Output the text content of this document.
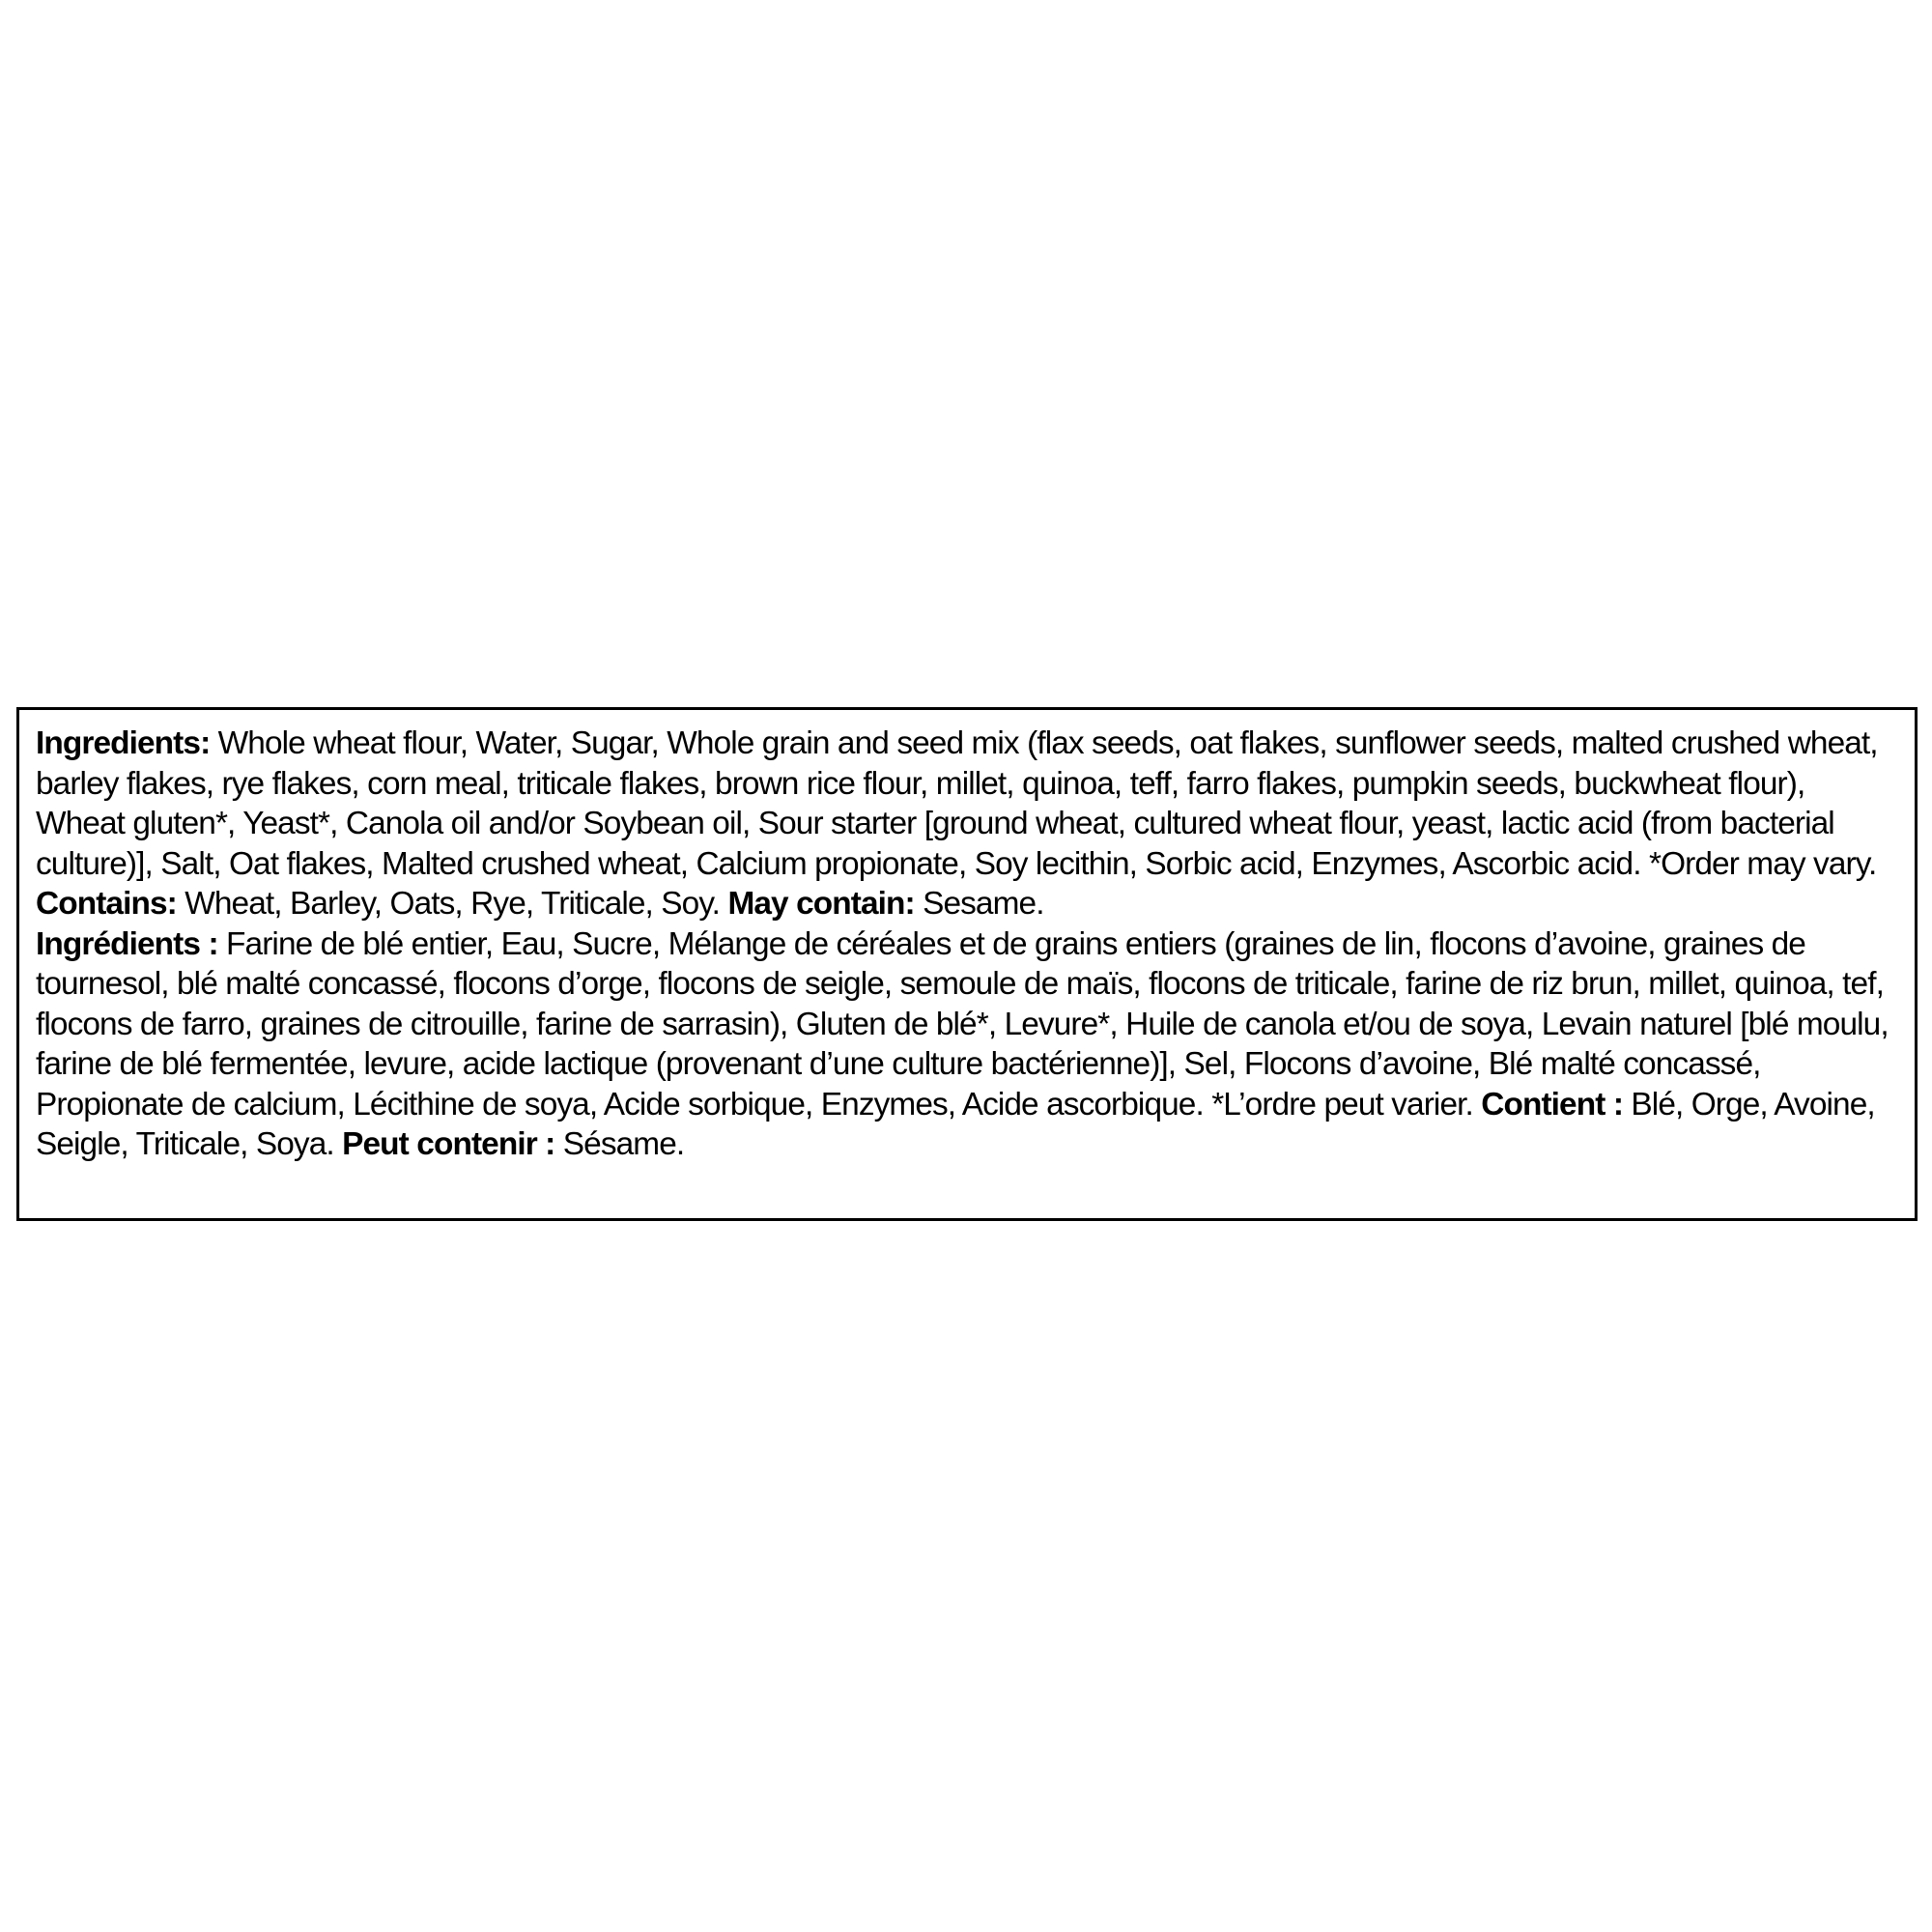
Ingredients: Whole wheat flour, Water, Sugar, Whole grain and seed mix (flax seeds, oat flakes, sunflower seeds, malted crushed wheat, barley flakes, rye flakes, corn meal, triticale flakes, brown rice flour, millet, quinoa, teff, farro flakes, pumpkin seeds, buckwheat flour), Wheat gluten*, Yeast*, Canola oil and/or Soybean oil, Sour starter [ground wheat, cultured wheat flour, yeast, lactic acid (from bacterial culture)], Salt, Oat flakes, Malted crushed wheat, Calcium propionate, Soy lecithin, Sorbic acid, Enzymes, Ascorbic acid. *Order may vary.

Contains: Wheat, Barley, Oats, Rye, Triticale, Soy. May contain: Sesame.

Ingrédients : Farine de blé entier, Eau, Sucre, Mélange de céréales et de grains entiers (graines de lin, flocons d’avoine, graines de tournesol, blé malté concassé, flocons d’orge, flocons de seigle, semoule de maïs, flocons de triticale, farine de riz brun, millet, quinoa, tef, flocons de farro, graines de citrouille, farine de sarrasin), Gluten de blé*, Levure*, Huile de canola et/ou de soya, Levain naturel [blé moulu, farine de blé fermentée, levure, acide lactique (provenant d’une culture bactérienne)], Sel, Flocons d’avoine, Blé malté concassé, Propionate de calcium, Lécithine de soya, Acide sorbique, Enzymes, Acide ascorbique. *L’ordre peut varier. Contient : Blé, Orge, Avoine, Seigle, Triticale, Soya. Peut contenir : Sésame.
